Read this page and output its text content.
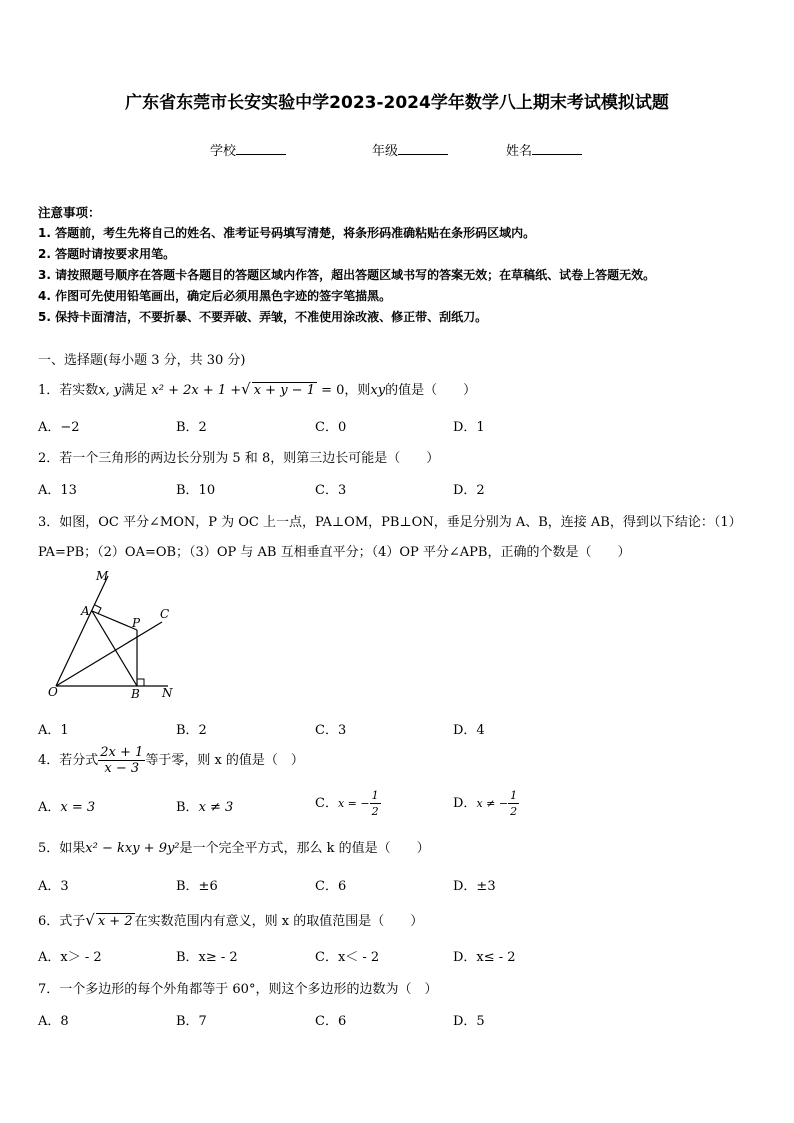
广东省东莞市长安实验中学2023-2024学年数学八上期末考试模拟试题
学校	年级	姓名
注意事项：
1. 答题前，考生先将自己的姓名、准考证号码填写清楚，将条形码准确粘贴在条形码区域内。
2. 答题时请按要求用笔。
3. 请按照题号顺序在答题卡各题目的答题区域内作答，超出答题区域书写的答案无效；在草稿纸、试卷上答题无效。
4. 作图可先使用铅笔画出，确定后必须用黑色字迹的签字笔描黑。
5. 保持卡面清洁，不要折暴、不要弄破、弄皱，不准使用涂改液、修正带、刮纸刀。
一、选择题(每小题 3 分，共 30 分)
1．若实数x, y满足 x² + 2x + 1 +√ x + y − 1 = 0，则xy的值是（　　）
A．−2	B．2	C．0	D．1
2．若一个三角形的两边长分别为 5 和 8，则第三边长可能是（　　）
A．13	B．10	C．3	D．2
3．如图，OC 平分∠MON，P 为 OC 上一点，PA⊥OM，PB⊥ON，垂足分别为 A、B，连接 AB，得到以下结论：（1）
PA=PB；（2）OA=OB；（3）OP 与 AB 互相垂直平分；（4）OP 平分∠APB，正确的个数是（　　）
M
A	C
P
O	B N
A．1	B．2	C．3	D．4
4．若分式 $\frac{2x + 1}{x - 3}$ 等于零，则 x 的值是（　）
A．x = 3	B．x ≠ 3	C．x = − $\frac{1}{2}$	D．x ≠ − $\frac{1}{2}$
5．如果x² − kxy + 9y²是一个完全平方式，那么 k 的值是（　　）
A．3	B．±6	C．6	D．±3
6．式子√ x + 2 在实数范围内有意义，则 x 的取值范围是（　　）
A．x＞ - 2	B．x≥ - 2	C．x＜ - 2	D．x≤ - 2
7．一个多边形的每个外角都等于 60°，则这个多边形的边数为（　）
A．8	B．7	C．6	D．5
